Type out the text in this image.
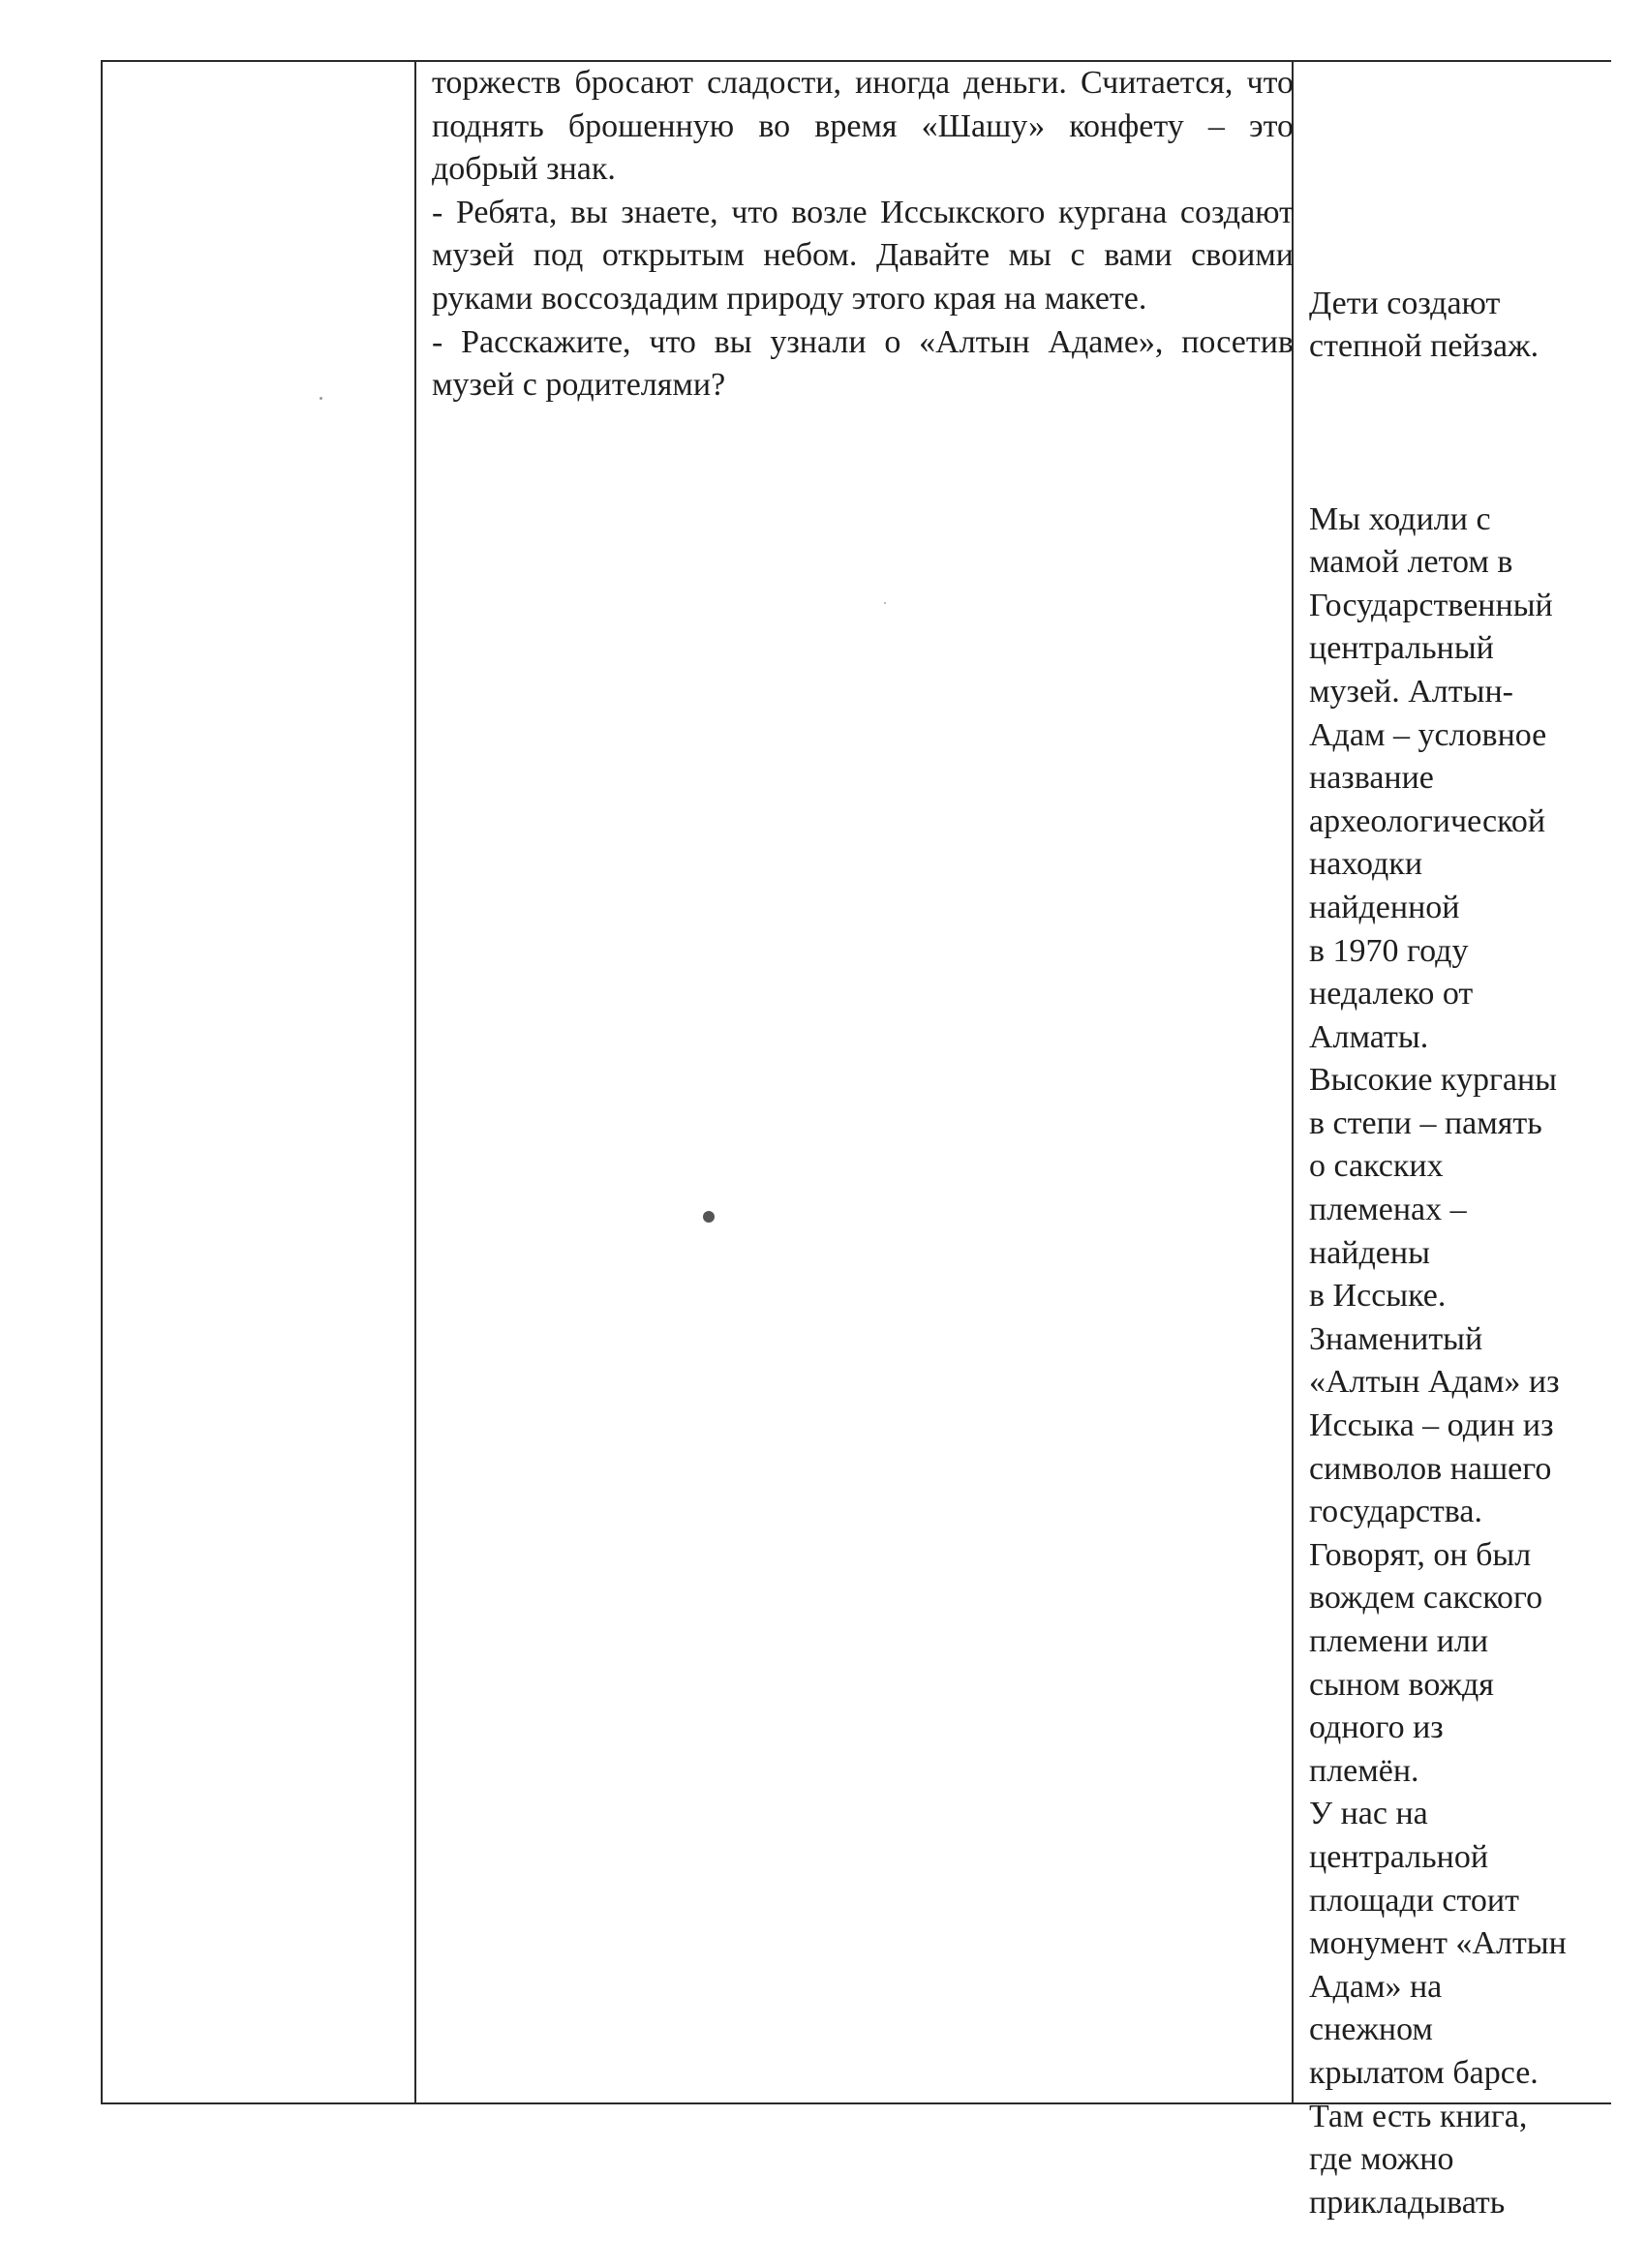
торжеств бросают сладости, иногда деньги. Считается, что поднять брошенную во время «Шашу» конфету – это добрый знак.

- Ребята, вы знаете, что возле Иссыкского кургана создают музей под открытым небом. Давайте мы с вами своими руками воссоздадим природу этого края на макете.

- Расскажите, что вы узнали о «Алтын Адаме», посетив музей с родителями?

Дети создают
степной пейзаж.

Мы ходили с
мамой летом в
Государственный
центральный
музей. Алтын-
Адам – условное
название
археологической
находки
найденной
в 1970 году
недалеко от
Алматы.
Высокие курганы
в степи – память
о сакских
племенах –
найдены
в Иссыке.
Знаменитый
«Алтын Адам» из
Иссыка – один из
символов нашего
государства.
Говорят, он был
вождем сакского
племени или
сыном вождя
одного из
племён.
У нас на
центральной
площади стоит
монумент «Алтын
Адам» на
снежном
крылатом барсе.
Там есть книга,
где можно
прикладывать
